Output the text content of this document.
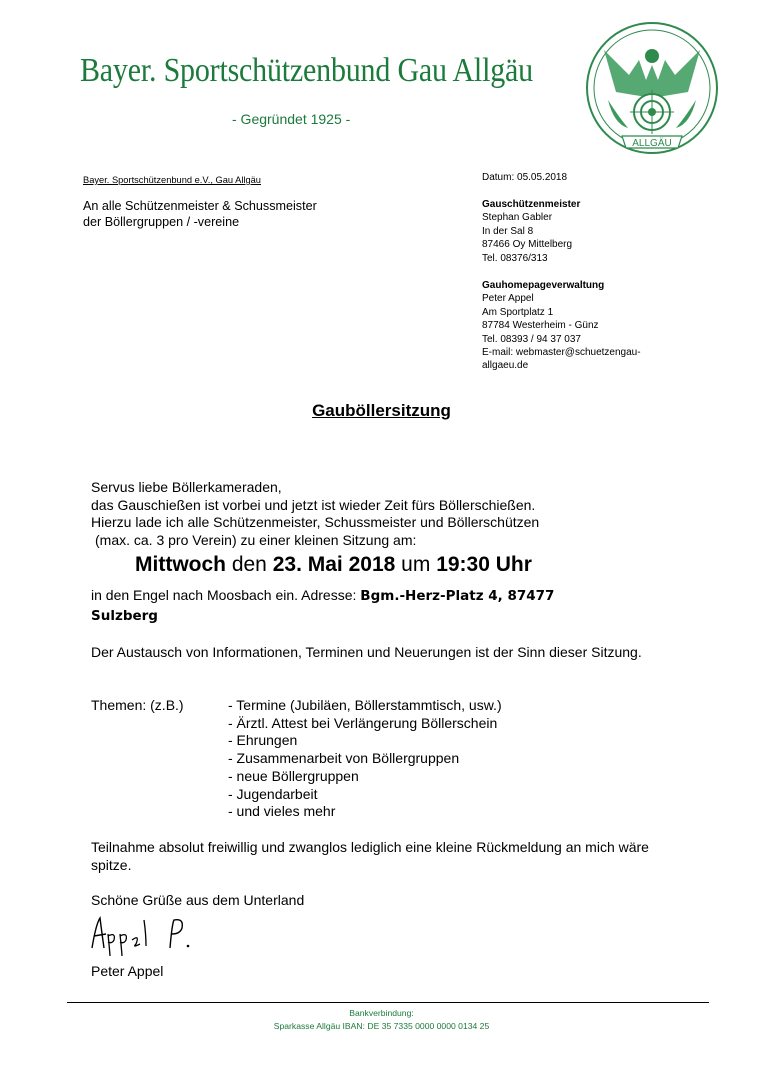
Bayer. Sportschützenbund Gau Allgäu
- Gegründet 1925 -
ALLGÄU
Bayer. Sportschützenbund e.V., Gau Allgäu
An alle Schützenmeister & Schussmeister
der Böllergruppen / -vereine
Datum: 05.05.2018
Gauschützenmeister
Stephan Gabler
In der Sal 8
87466 Oy Mittelberg
Tel. 08376/313
Gauhomepageverwaltung
Peter Appel
Am Sportplatz 1
87784 Westerheim - Günz
Tel. 08393 / 94 37 037
E-mail: webmaster@schuetzengau-
allgaeu.de
Gauböllersitzung
Servus liebe Böllerkameraden,
das Gauschießen ist vorbei und jetzt ist wieder Zeit fürs Böllerschießen.
Hierzu lade ich alle Schützenmeister, Schussmeister und Böllerschützen
(max. ca. 3 pro Verein) zu einer kleinen Sitzung am:
Mittwoch den 23. Mai 2018 um 19:30 Uhr
in den Engel nach Moosbach ein. Adresse: Bgm.-Herz-Platz 4, 87477
Sulzberg
Der Austausch von Informationen, Terminen und Neuerungen ist der Sinn dieser Sitzung.
Themen: (z.B.)	- Termine (Jubiläen, Böllerstammtisch, usw.)
- Ärztl. Attest bei Verlängerung Böllerschein
- Ehrungen
- Zusammenarbeit von Böllergruppen
- neue Böllergruppen
- Jugendarbeit
- und vieles mehr
Teilnahme absolut freiwillig und zwanglos lediglich eine kleine Rückmeldung an mich wäre spitze.
Schöne Grüße aus dem Unterland
Peter Appel
Bankverbindung:
Sparkasse Allgäu IBAN: DE 35 7335 0000 0000 0134 25
